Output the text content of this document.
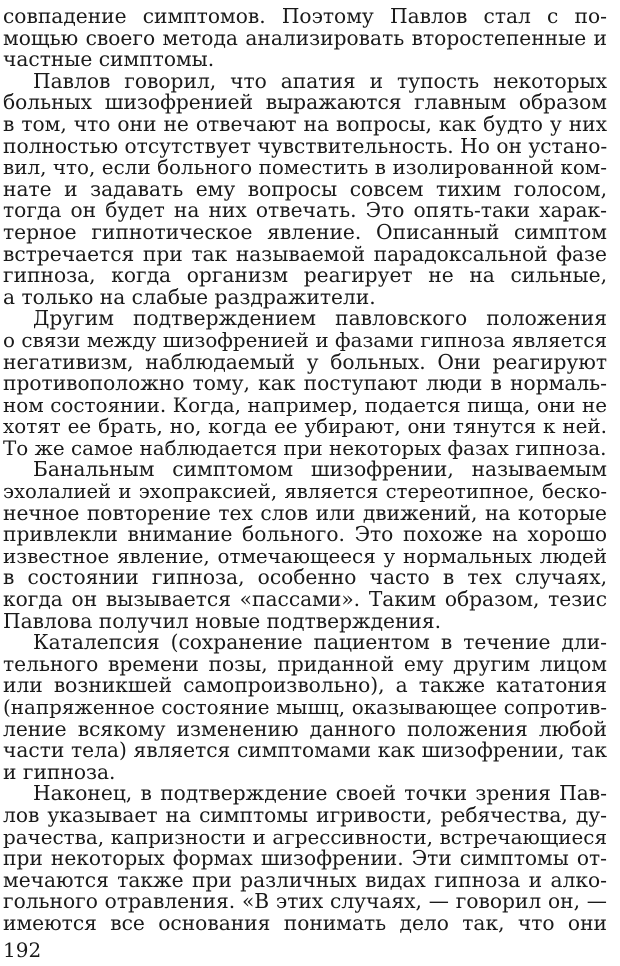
совпадение симптомов. Поэтому Павлов стал с по-
мощью своего метода анализировать второстепенные и
частные симптомы.
Павлов говорил, что апатия и тупость некоторых
больных шизофренией выражаются главным образом
в том, что они не отвечают на вопросы, как будто у них
полностью отсутствует чувствительность. Но он устано-
вил, что, если больного поместить в изолированной ком-
нате и задавать ему вопросы совсем тихим голосом,
тогда он будет на них отвечать. Это опять-таки харак-
терное гипнотическое явление. Описанный симптом
встречается при так называемой парадоксальной фазе
гипноза, когда организм реагирует не на сильные,
а только на слабые раздражители.
Другим подтверждением павловского положения
о связи между шизофренией и фазами гипноза является
негативизм, наблюдаемый у больных. Они реагируют
противоположно тому, как поступают люди в нормаль-
ном состоянии. Когда, например, подается пища, они не
хотят ее брать, но, когда ее убирают, они тянутся к ней.
То же самое наблюдается при некоторых фазах гипноза.
Банальным симптомом шизофрении, называемым
эхолалией и эхопраксией, является стереотипное, беско-
нечное повторение тех слов или движений, на которые
привлекли внимание больного. Это похоже на хорошо
известное явление, отмечающееся у нормальных людей
в состоянии гипноза, особенно часто в тех случаях,
когда он вызывается «пассами». Таким образом, тезис
Павлова получил новые подтверждения.
Каталепсия (сохранение пациентом в течение дли-
тельного времени позы, приданной ему другим лицом
или возникшей самопроизвольно), а также кататония
(напряженное состояние мышц, оказывающее сопротив-
ление всякому изменению данного положения любой
части тела) является симптомами как шизофрении, так
и гипноза.
Наконец, в подтверждение своей точки зрения Пав-
лов указывает на симптомы игривости, ребячества, ду-
рачества, капризности и агрессивности, встречающиеся
при некоторых формах шизофрении. Эти симптомы от-
мечаются также при различных видах гипноза и алко-
гольного отравления. «В этих случаях, — говорил он, —
имеются все основания понимать дело так, что они
192
